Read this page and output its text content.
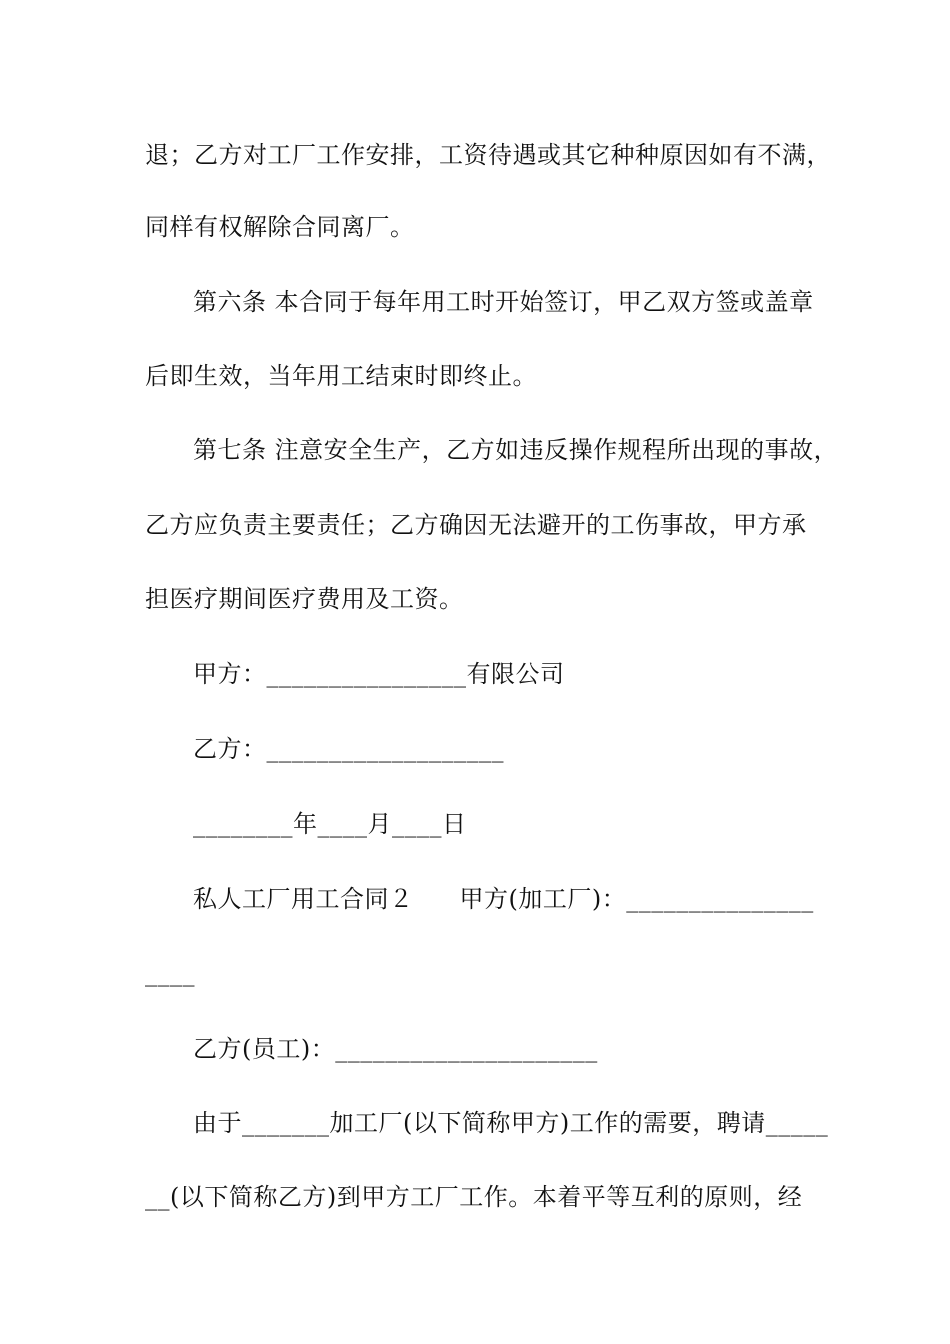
退；乙方对工厂工作安排，工资待遇或其它种种原因如有不满，
同样有权解除合同离厂。
第六条 本合同于每年用工时开始签订，甲乙双方签或盖章
后即生效，当年用工结束时即终止。
第七条 注意安全生产，乙方如违反操作规程所出现的事故，
乙方应负责主要责任；乙方确因无法避开的工伤事故，甲方承
担医疗期间医疗费用及工资。
甲方：________________有限公司
乙方：___________________
________年____月____日
私人工厂用工合同２ 甲方(加工厂)：_______________
____
乙方(员工)：_____________________
由于_______加工厂(以下简称甲方)工作的需要，聘请_____
__(以下简称乙方)到甲方工厂工作。本着平等互利的原则，经
